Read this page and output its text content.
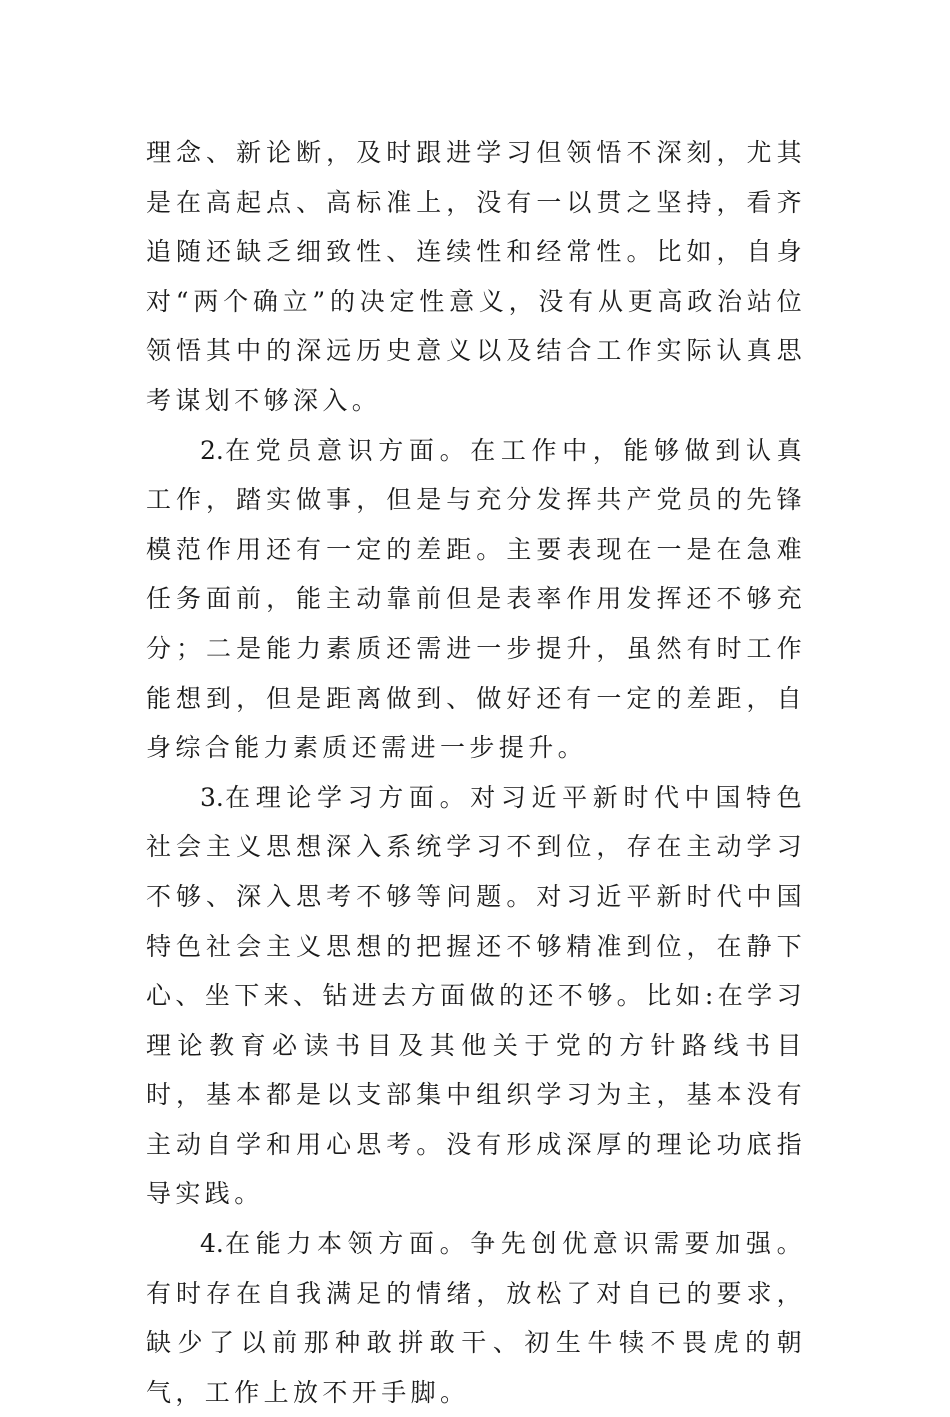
理念、新论断，及时跟进学习但领悟不深刻，尤其是在高起点、高标准上，没有一以贯之坚持，看齐追随还缺乏细致性、连续性和经常性。比如，自身对“两个确立”的决定性意义，没有从更高政治站位领悟其中的深远历史意义以及结合工作实际认真思考谋划不够深入。

2.在党员意识方面。在工作中，能够做到认真工作，踏实做事，但是与充分发挥共产党员的先锋模范作用还有一定的差距。主要表现在一是在急难任务面前，能主动靠前但是表率作用发挥还不够充分；二是能力素质还需进一步提升，虽然有时工作能想到，但是距离做到、做好还有一定的差距，自身综合能力素质还需进一步提升。

3.在理论学习方面。对习近平新时代中国特色社会主义思想深入系统学习不到位，存在主动学习不够、深入思考不够等问题。对习近平新时代中国特色社会主义思想的把握还不够精准到位，在静下心、坐下来、钻进去方面做的还不够。比如:在学习理论教育必读书目及其他关于党的方针路线书目时，基本都是以支部集中组织学习为主，基本没有主动自学和用心思考。没有形成深厚的理论功底指导实践。

4.在能力本领方面。争先创优意识需要加强。有时存在自我满足的情绪，放松了对自已的要求，缺少了以前那种敢拼敢干、初生牛犊不畏虎的朝气，工作上放不开手脚。
